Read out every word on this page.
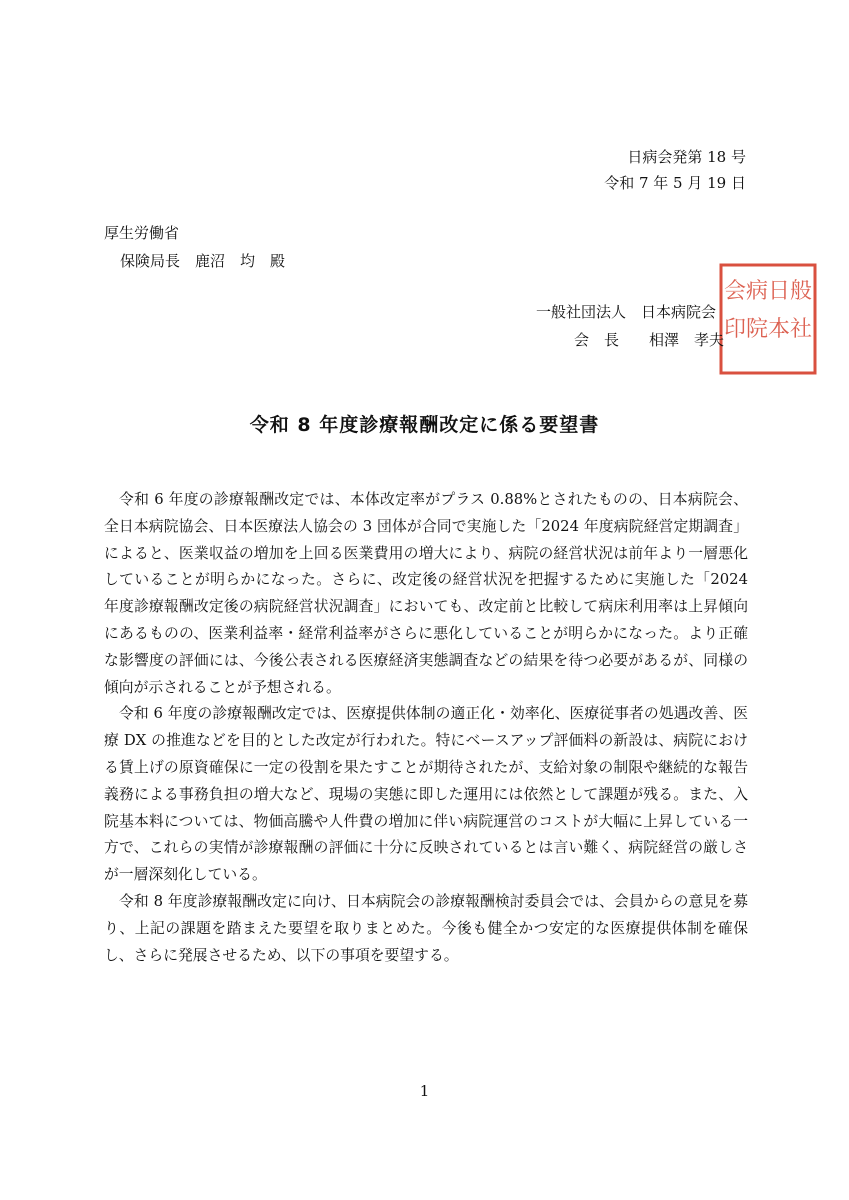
日病会発第 18 号
令和 7 年 5 月 19 日
厚生労働省
保険局長　鹿沼　均　殿
般
社
日
本
病
院
会
印
一般社団法人　日本病院会
会　長　　相澤　孝夫
令和 8 年度診療報酬改定に係る要望書

令和 6 年度の診療報酬改定では、本体改定率がプラス 0.88%とされたものの、日本病院会、全日本病院協会、日本医療法人協会の 3 団体が合同で実施した「2024 年度病院経営定期調査」によると、医業収益の増加を上回る医業費用の増大により、病院の経営状況は前年より一層悪化していることが明らかになった。さらに、改定後の経営状況を把握するために実施した「2024 年度診療報酬改定後の病院経営状況調査」においても、改定前と比較して病床利用率は上昇傾向にあるものの、医業利益率・経常利益率がさらに悪化していることが明らかになった。より正確な影響度の評価には、今後公表される医療経済実態調査などの結果を待つ必要があるが、同様の傾向が示されることが予想される。

令和 6 年度の診療報酬改定では、医療提供体制の適正化・効率化、医療従事者の処遇改善、医療 DX の推進などを目的とした改定が行われた。特にベースアップ評価料の新設は、病院における賃上げの原資確保に一定の役割を果たすことが期待されたが、支給対象の制限や継続的な報告義務による事務負担の増大など、現場の実態に即した運用には依然として課題が残る。また、入院基本料については、物価高騰や人件費の増加に伴い病院運営のコストが大幅に上昇している一方で、これらの実情が診療報酬の評価に十分に反映されているとは言い難く、病院経営の厳しさが一層深刻化している。

令和 8 年度診療報酬改定に向け、日本病院会の診療報酬検討委員会では、会員からの意見を募り、上記の課題を踏まえた要望を取りまとめた。今後も健全かつ安定的な医療提供体制を確保し、さらに発展させるため、以下の事項を要望する。

1
